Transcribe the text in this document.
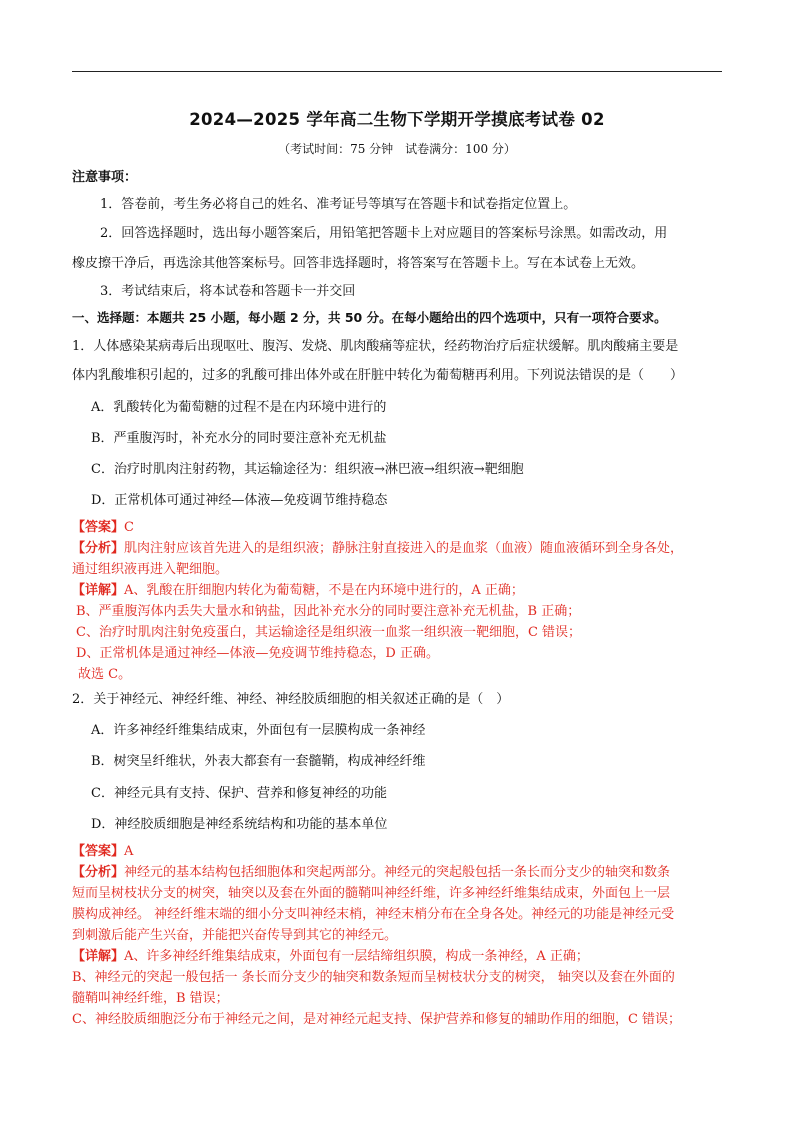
2024—2025 学年高二生物下学期开学摸底考试卷 02
（考试时间：75 分钟　试卷满分：100 分）
注意事项：
1．答卷前，考生务必将自己的姓名、准考证号等填写在答题卡和试卷指定位置上。
2．回答选择题时，选出每小题答案后，用铅笔把答题卡上对应题目的答案标号涂黑。如需改动，用
橡皮擦干净后，再选涂其他答案标号。回答非选择题时，将答案写在答题卡上。写在本试卷上无效。
3．考试结束后，将本试卷和答题卡一并交回
一、选择题：本题共 25 小题，每小题 2 分，共 50 分。在每小题给出的四个选项中，只有一项符合要求。
1．人体感染某病毒后出现呕吐、腹泻、发烧、肌肉酸痛等症状，经药物治疗后症状缓解。肌肉酸痛主要是
体内乳酸堆积引起的，过多的乳酸可排出体外或在肝脏中转化为葡萄糖再利用。下列说法错误的是（　　）
A．乳酸转化为葡萄糖的过程不是在内环境中进行的
B．严重腹泻时，补充水分的同时要注意补充无机盐
C．治疗时肌肉注射药物，其运输途径为：组织液→淋巴液→组织液→靶细胞
D．正常机体可通过神经—体液—免疫调节维持稳态
【答案】C
【分析】肌肉注射应该首先进入的是组织液；静脉注射直接进入的是血浆（血液）随血液循环到全身各处，
通过组织液再进入靶细胞。
【详解】A、乳酸在肝细胞内转化为葡萄糖，不是在内环境中进行的，A 正确；
B、严重腹泻体内丢失大量水和钠盐，因此补充水分的同时要注意补充无机盐，B 正确；
C、治疗时肌肉注射免疫蛋白，其运输途径是组织液一血浆一组织液一靶细胞，C 错误；
D、正常机体是通过神经—体液—免疫调节维持稳态，D 正确。
故选 C。
2．关于神经元、神经纤维、神经、神经胶质细胞的相关叙述正确的是（　）
A．许多神经纤维集结成束，外面包有一层膜构成一条神经
B．树突呈纤维状，外表大都套有一套髓鞘，构成神经纤维
C．神经元具有支持、保护、营养和修复神经的功能
D．神经胶质细胞是神经系统结构和功能的基本单位
【答案】A
【分析】神经元的基本结构包括细胞体和突起两部分。神经元的突起般包括一条长而分支少的轴突和数条
短而呈树枝状分支的树突，轴突以及套在外面的髓鞘叫神经纤维，许多神经纤维集结成束，外面包上一层
膜构成神经。 神经纤维末端的细小分支叫神经末梢，神经末梢分布在全身各处。神经元的功能是神经元受
到刺激后能产生兴奋，并能把兴奋传导到其它的神经元。
【详解】A、许多神经纤维集结成束，外面包有一层结缔组织膜，构成一条神经，A 正确；
B、神经元的突起一般包括一 条长而分支少的轴突和数条短而呈树枝状分支的树突， 轴突以及套在外面的
髓鞘叫神经纤维，B 错误；
C、神经胶质细胞泛分布于神经元之间，是对神经元起支持、保护营养和修复的辅助作用的细胞，C 错误；
